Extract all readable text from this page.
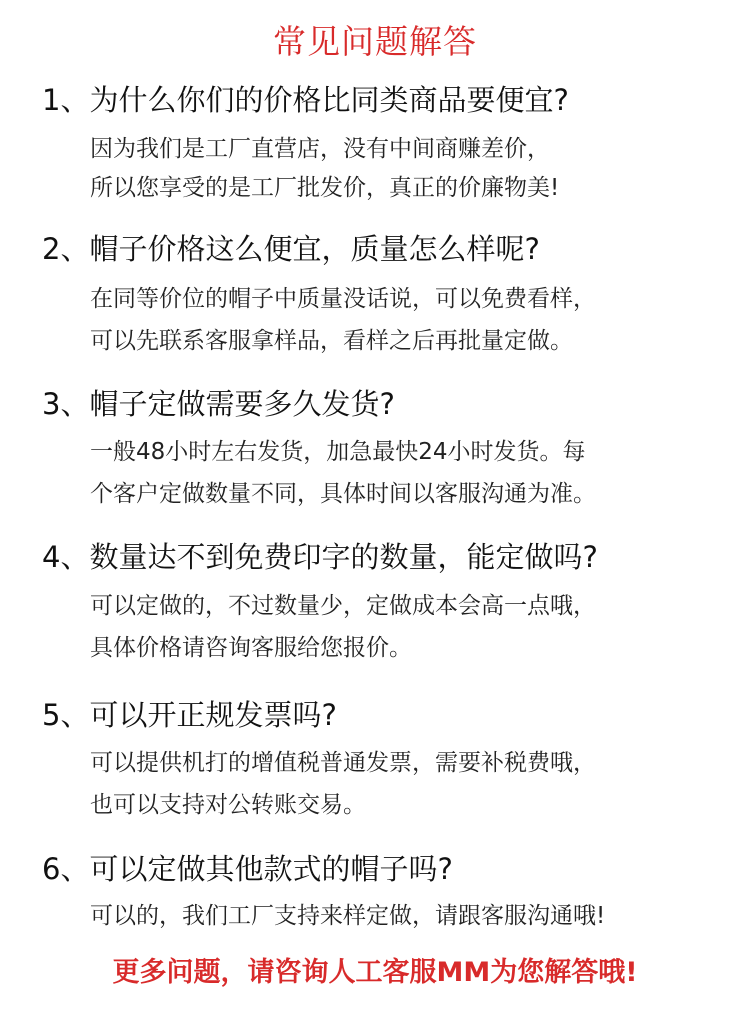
常见问题解答
1、为什么你们的价格比同类商品要便宜?
因为我们是工厂直营店，没有中间商赚差价，
所以您享受的是工厂批发价，真正的价廉物美!
2、帽子价格这么便宜，质量怎么样呢?
在同等价位的帽子中质量没话说，可以免费看样，
可以先联系客服拿样品，看样之后再批量定做。
3、帽子定做需要多久发货?
一般48小时左右发货，加急最快24小时发货。每
个客户定做数量不同，具体时间以客服沟通为准。
4、数量达不到免费印字的数量，能定做吗?
可以定做的，不过数量少，定做成本会高一点哦，
具体价格请咨询客服给您报价。
5、可以开正规发票吗?
可以提供机打的增值税普通发票，需要补税费哦，
也可以支持对公转账交易。
6、可以定做其他款式的帽子吗?
可以的，我们工厂支持来样定做，请跟客服沟通哦!
更多问题，请咨询人工客服MM为您解答哦!
